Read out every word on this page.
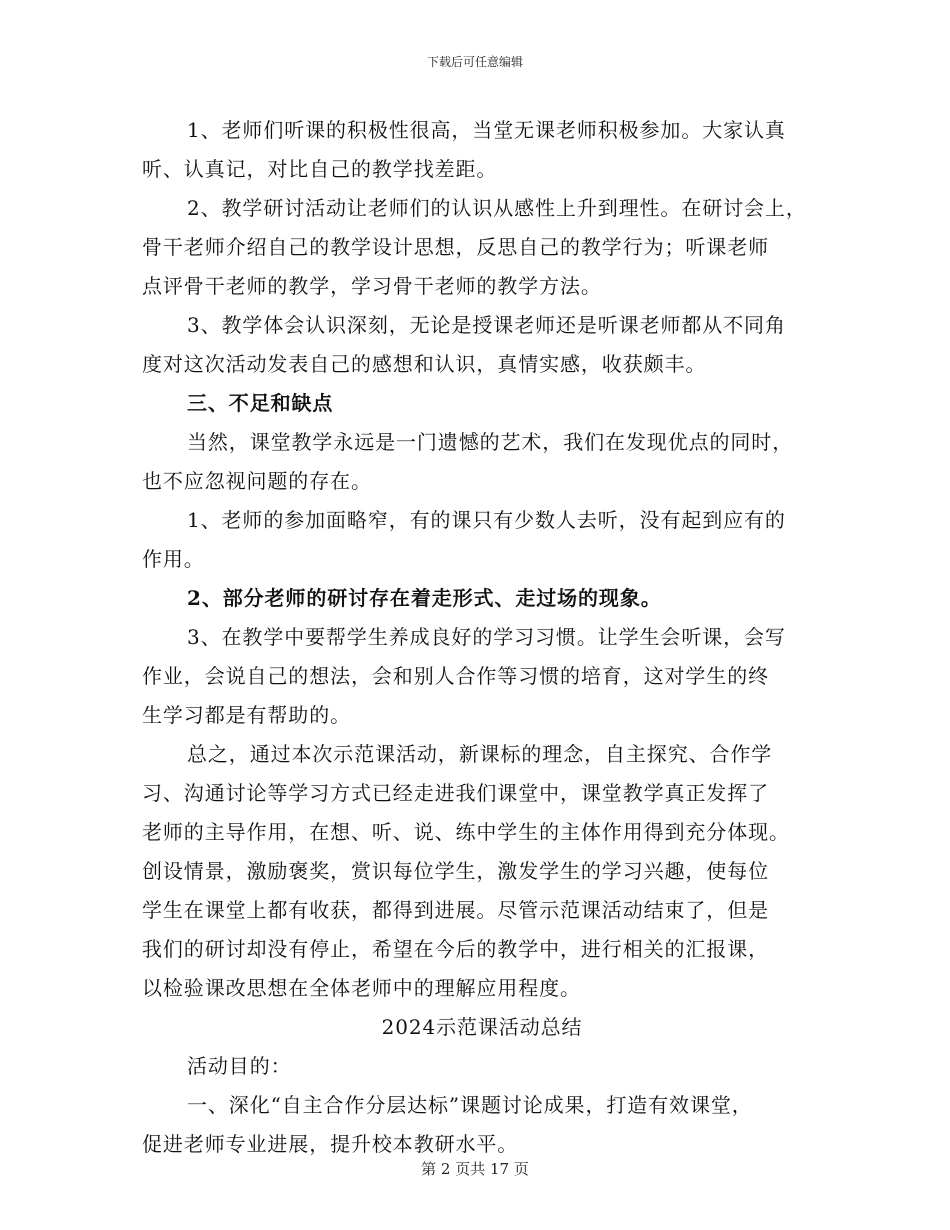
下载后可任意编辑
1、老师们听课的积极性很高，当堂无课老师积极参加。大家认真
听、认真记，对比自己的教学找差距。
2、教学研讨活动让老师们的认识从感性上升到理性。在研讨会上，
骨干老师介绍自己的教学设计思想，反思自己的教学行为；听课老师
点评骨干老师的教学，学习骨干老师的教学方法。
3、教学体会认识深刻，无论是授课老师还是听课老师都从不同角
度对这次活动发表自己的感想和认识，真情实感，收获颇丰。
三、不足和缺点
当然，课堂教学永远是一门遗憾的艺术，我们在发现优点的同时，
也不应忽视问题的存在。
1、老师的参加面略窄，有的课只有少数人去听，没有起到应有的
作用。
2、部分老师的研讨存在着走形式、走过场的现象。
3、在教学中要帮学生养成良好的学习习惯。让学生会听课，会写
作业，会说自己的想法，会和别人合作等习惯的培育，这对学生的终
生学习都是有帮助的。
总之，通过本次示范课活动，新课标的理念，自主探究、合作学
习、沟通讨论等学习方式已经走进我们课堂中，课堂教学真正发挥了
老师的主导作用，在想、听、说、练中学生的主体作用得到充分体现。
创设情景，激励褒奖，赏识每位学生，激发学生的学习兴趣，使每位
学生在课堂上都有收获，都得到进展。尽管示范课活动结束了，但是
我们的研讨却没有停止，希望在今后的教学中，进行相关的汇报课，
以检验课改思想在全体老师中的理解应用程度。
2024示范课活动总结
活动目的：
一、深化“自主合作分层达标”课题讨论成果，打造有效课堂，
促进老师专业进展，提升校本教研水平。
第 2 页共 17 页
